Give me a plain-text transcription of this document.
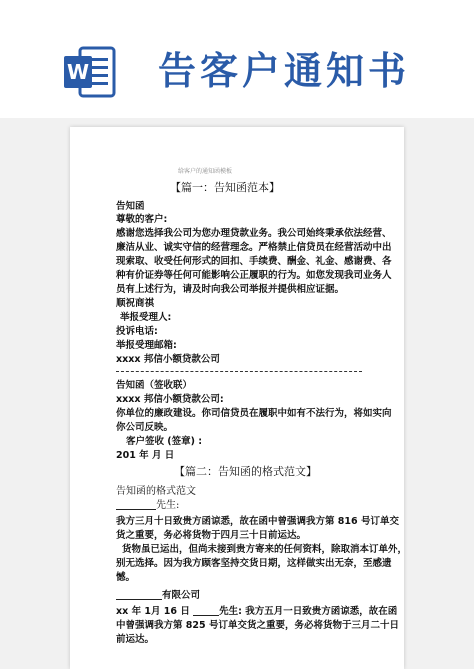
W 告客户通知书
给客户的通知函模板
【篇一：告知函范本】
告知函
尊敬的客户:
感谢您选择我公司为您办理贷款业务。我公司始终秉承依法经营、
廉洁从业、诚实守信的经营理念。严格禁止信贷员在经营活动中出
现索取、收受任何形式的回扣、手续费、酬金、礼金、感谢费、各
种有价证券等任何可能影响公正履职的行为。如您发现我司业务人
员有上述行为，请及时向我公司举报并提供相应证据。
顺祝商祺
举报受理人:
投诉电话:
举报受理邮箱:
xxxx 邦信小额贷款公司
告知函（签收联）
xxxx 邦信小额贷款公司:
你单位的廉政建设。你司信贷员在履职中如有不法行为，将如实向
你公司反映。
客户签收 (签章) :
201 年 月 日
【篇二：告知函的格式范文】
告知函的格式范文
先生:
我方三月十日致贵方函谅悉，故在函中曾强调我方第 816 号订单交
货之重要，务必将货物于四月三十日前运达。
货物虽已运出，但尚未接到贵方寄来的任何资料，除取消本订单外，
别无选择。因为我方顾客坚持交货日期，这样做实出无奈，至感遗
憾。
有限公司
xx 年 1月 16 日	先生: 我方五月一日致贵方函谅悉，故在函
中曾强调我方第 825 号订单交货之重要，务必将货物于三月二十日
前运达。
